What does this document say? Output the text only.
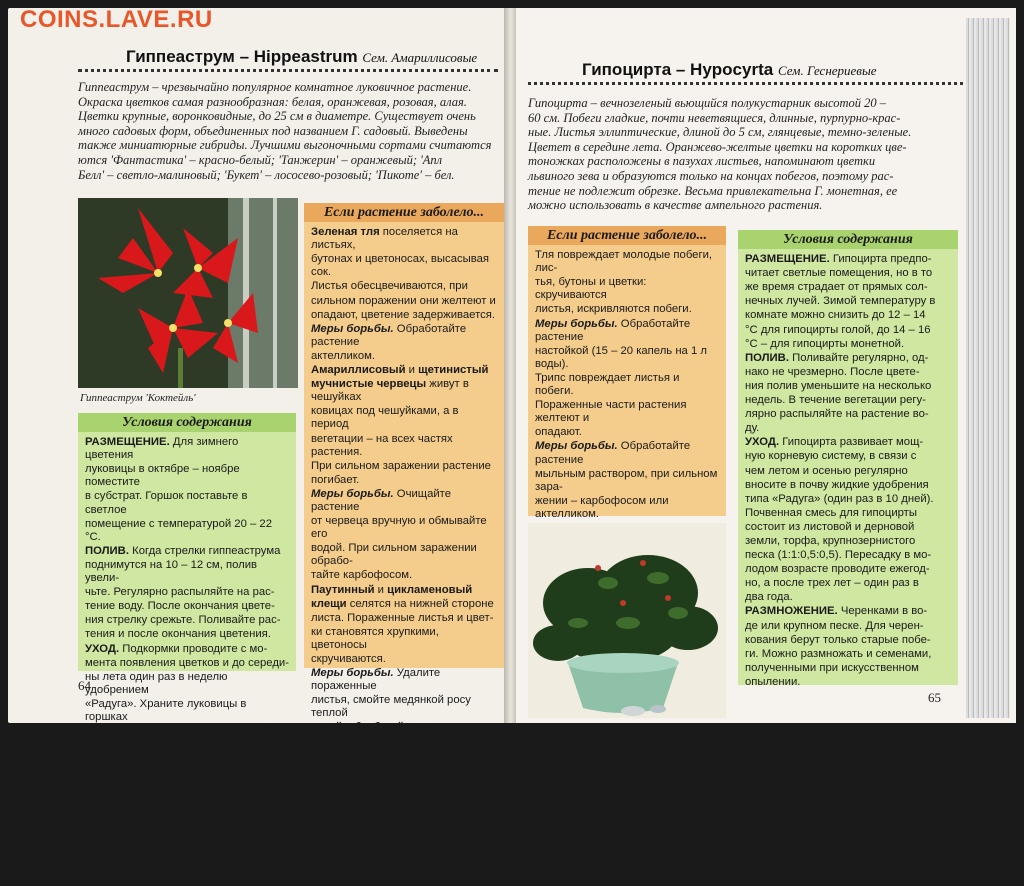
Гиппеаструм – Hippeastrum Сем. Амариллисовые
Гиппеаструм – чрезвычайно популярное комнатное луковичное растение.
Окраска цветков самая разнообразная: белая, оранжевая, розовая, алая.
Цветки крупные, воронковидные, до 25 см в диаметре. Существует очень
много садовых форм, объединенных под названием Г. садовый. Выведены
также миниатюрные гибриды. Лучшими выгоночными сортами считаются
ются 'Фантастика' – красно-белый; 'Танжерин' – оранжевый; 'Апл
Белл' – светло-малиновый; 'Букет' – лососево-розовый; 'Пикоте' – бел.
Гиппеаструм 'Коктейль'
Если растение заболело...

Зеленая тля поселяется на листьях,

бутонах и цветоносах, высасывая сок.

Листья обесцвечиваются, при

сильном поражении они желтеют и

опадают, цветение задерживается.

Меры борьбы. Обработайте растение

актелликом.

Амариллисовый и щетинистый

мучнистые червецы живут в чешуйках

ковицах под чешуйками, а в период

вегетации – на всех частях растения.

При сильном заражении растение

погибает.

Меры борьбы. Очищайте растение

от червеца вручную и обмывайте его

водой. При сильном заражении обрабо-

тайте карбофосом.

Паутинный и цикламеновый

клещи селятся на нижней стороне

листа. Пораженные листья и цвет-

ки становятся хрупкими, цветоносы

скручиваются.

Меры борьбы. Удалите пораженные

листья, смойте медянкой росу теплой

водой, обработайте растения актелликом.

ликом.

Антракноз. На листьях появляются

бурые округлые пятна в виде бугорков

подушечек.

Меры борьбы. Обработайте гиппеа-

струм фундазолом несколько раз с

интервалом 12 – 14 дней.

Условия содержания

РАЗМЕЩЕНИЕ. Для зимнего цветения

луковицы в октябре – ноябре поместите

в субстрат. Горшок поставьте в светлое

помещение с температурой 20 – 22 °С.

ПОЛИВ. Когда стрелки гиппеаструма

поднимутся на 10 – 12 см, полив увели-

чьте. Регулярно распыляйте на рас-

тение воду. После окончания цвете-

ния стрелку срежьте. Поливайте рас-

тения и после окончания цветения.

УХОД. Подкормки проводите с мо-

мента появления цветков и до середи-

ны лета один раз в неделю удобрением

«Радуга». Храните луковицы в горшках

или отдельно при температуре 13 °С.

РАЗМНОЖЕНИЕ. Детками и семенами.

64
Гипоцирта – Hypocyrta Сем. Геснериевые
Гипоцирта – вечнозеленый вьющийся полукустарник высотой 20 –
60 см. Побеги гладкие, почти неветвящиеся, длинные, пурпурно-крас-
ные. Листья эллиптические, длиной до 5 см, глянцевые, темно-зеленые.
Цветет в середине лета. Оранжево-желтые цветки на коротких цве-
тоножках расположены в пазухах листьев, напоминают цветки
львиного зева и образуются только на концах побегов, поэтому рас-
тение не подлежит обрезке. Весьма привлекательна Г. монетная, ее
можно использовать в качестве ампельного растения.
Если растение заболело...

Тля повреждает молодые побеги, лис-

тья, бутоны и цветки: скручиваются

листья, искривляются побеги.

Меры борьбы. Обработайте растение

настойкой (15 – 20 капель на 1 л воды).

Трипс повреждает листья и побеги.

Пораженные части растения желтеют и

опадают.

Меры борьбы. Обработайте растение

мыльным раствором, при сильном зара-

жении – карбофосом или актелликом.

Условия содержания

РАЗМЕЩЕНИЕ. Гипоцирта предпо-

читает светлые помещения, но в то

же время страдает от прямых сол-

нечных лучей. Зимой температуру в

комнате можно снизить до 12 – 14

°С для гипоцирты голой, до 14 – 16

°С – для гипоцирты монетной.

ПОЛИВ. Поливайте регулярно, од-

нако не чрезмерно. После цвете-

ния полив уменьшите на несколько

недель. В течение вегетации регу-

лярно распыляйте на растение во-

ду.

УХОД. Гипоцирта развивает мощ-

ную корневую систему, в связи с

чем летом и осенью регулярно

вносите в почву жидкие удобрения

типа «Радуга» (один раз в 10 дней).

Почвенная смесь для гипоцирты

состоит из листовой и дерновой

земли, торфа, крупнозернистого

песка (1:1:0,5:0,5). Пересадку в мо-

лодом возрасте проводите ежегод-

но, а после трех лет – один раз в

два года.

РАЗМНОЖЕНИЕ. Черенками в во-

де или крупном песке. Для черен-

кования берут только старые побе-

ги. Можно размножать и семенами,

полученными при искусственном

опылении.

65
COINS.LAVE.RU
